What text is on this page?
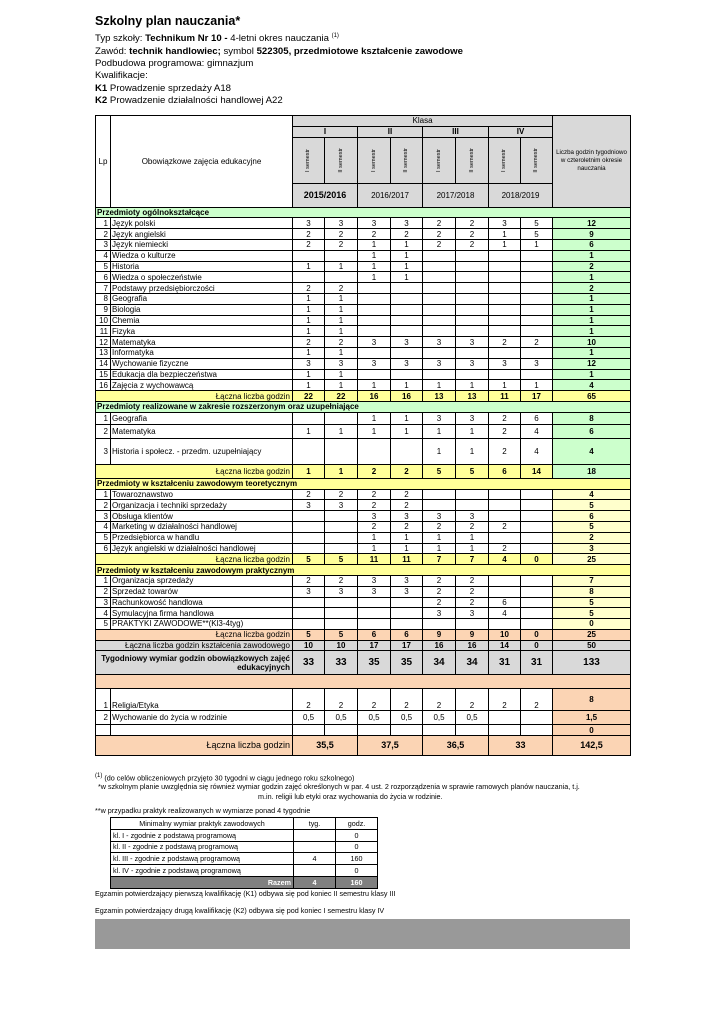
Szkolny plan nauczania*
Typ szkoły: Technikum Nr 10 - 4-letni okres nauczania $^{(1)}$
Zawód: technik handlowiec; symbol 522305, przedmiotowe kształcenie zawodowe
Podbudowa programowa: gimnazjum
Kwalifikacje:
K1 Prowadzenie sprzedaży A18
K2 Prowadzenie działalności handlowej A22
Lp	Obowiązkowe zajęcia edukacyjne	Klasa								Liczba godzin tygodniowo w czteroletnim okresie nauczania
		I		II		III		IV		

		I semestr	II semestr	I semestr	II semestr	I semestr	II semestr	I semestr	II semestr	

		2015/2016		2016/2017		2017/2018		2018/2019		
Przedmioty ogólnokształcące										
1	Język polski	3	3	3	3	2	2	3	5	12
2	Język angielski	2	2	2	2	2	2	1	5	9
3	Język niemiecki	2	2	1	1	2	2	1	1	6
4	Wiedza o kulturze			1	1					1
5	Historia	1	1	1	1					2
6	Wiedza o społeczeństwie			1	1					1
7	Podstawy przedsiębiorczości	2	2							2
8	Geografia	1	1							1
9	Biologia	1	1							1
10	Chemia	1	1							1
11	Fizyka	1	1							1
12	Matematyka	2	2	3	3	3	3	2	2	10
13	Informatyka	1	1							1
14	Wychowanie fizyczne	3	3	3	3	3	3	3	3	12
15	Edukacja dla bezpieczeństwa	1	1							1
16	Zajęcia z wychowawcą	1	1	1	1	1	1	1	1	4
Łączna liczba godzin		22	22	16	16	13	13	11	17	65
Przedmioty realizowane w zakresie rozszerzonym oraz uzupełniające										
1	Geografia			1	1	3	3	2	6	8
2	Matematyka	1	1	1	1	1	1	2	4	6
3	Historia i społecz. - przedm. uzupełniający					1	1	2	4	4
Łączna liczba godzin		1	1	2	2	5	5	6	14	18
Przedmioty w kształceniu zawodowym teoretycznym										
1	Towaroznawstwo	2	2	2	2					4
2	Organizacja i techniki sprzedaży	3	3	2	2					5
3	Obsługa klientów			3	3	3	3			6
4	Marketing w działalności handlowej			2	2	2	2	2		5
5	Przedsiębiorca w handlu			1	1	1	1			2
6	Język angielski w działalności handlowej			1	1	1	1	2		3
Łączna liczba godzin		5	5	11	11	7	7	4	0	25
Przedmioty w kształceniu zawodowym praktycznym										
1	Organizacja sprzedaży	2	2	3	3	2	2			7
2	Sprzedaż towarów	3	3	3	3	2	2			8
3	Rachunkowość handlowa					2	2	6		5
4	Symulacyjna firma handlowa					3	3	4		5
5	PRAKTYKI ZAWODOWE**(Kl3-4tyg)									0
Łączna liczba godzin		5	5	6	6	9	9	10	0	25
Łączna liczba godzin kształcenia zawodowego		10	10	17	17	16	16	14	0	50
Tygodniowy wymiar godzin obowiązkowych zajęć edukacyjnych		33	33	35	35	34	34	31	31	133

1	Religia/Etyka	2	2	2	2	2	2	2	2	8
2	Wychowanie do życia w rodzinie	0,5	0,5	0,5	0,5	0,5	0,5			1,5
										0
Łączna liczba godzin		35,5		37,5		36,5		33		142,5
$^{(1)}$ (do celów obliczeniowych przyjęto 30 tygodni w ciągu jednego roku szkolnego)
*w szkolnym planie uwzględnia się również wymiar godzin zajęć określonych w par. 4 ust. 2 rozporządzenia w sprawie ramowych planów nauczania, t.j.
m.in. religii lub etyki oraz wychowania do życia w rodzinie.
**w przypadku praktyk realizowanych w wymiarze ponad 4 tygodnie
Minimalny wymiar praktyk zawodowych	tyg.	godz.
kl. I - zgodnie z podstawą programową		0
kl. II - zgodnie z podstawą programową		0
kl. III - zgodnie z podstawą programową	4	160
kl. IV - zgodnie z podstawą programową		0
Razem	4	160
Egzamin potwierdzający pierwszą kwalifikację (K1) odbywa się pod koniec II semestru klasy III
Egzamin potwierdzający drugą kwalifikację (K2) odbywa się pod koniec I semestru klasy IV
